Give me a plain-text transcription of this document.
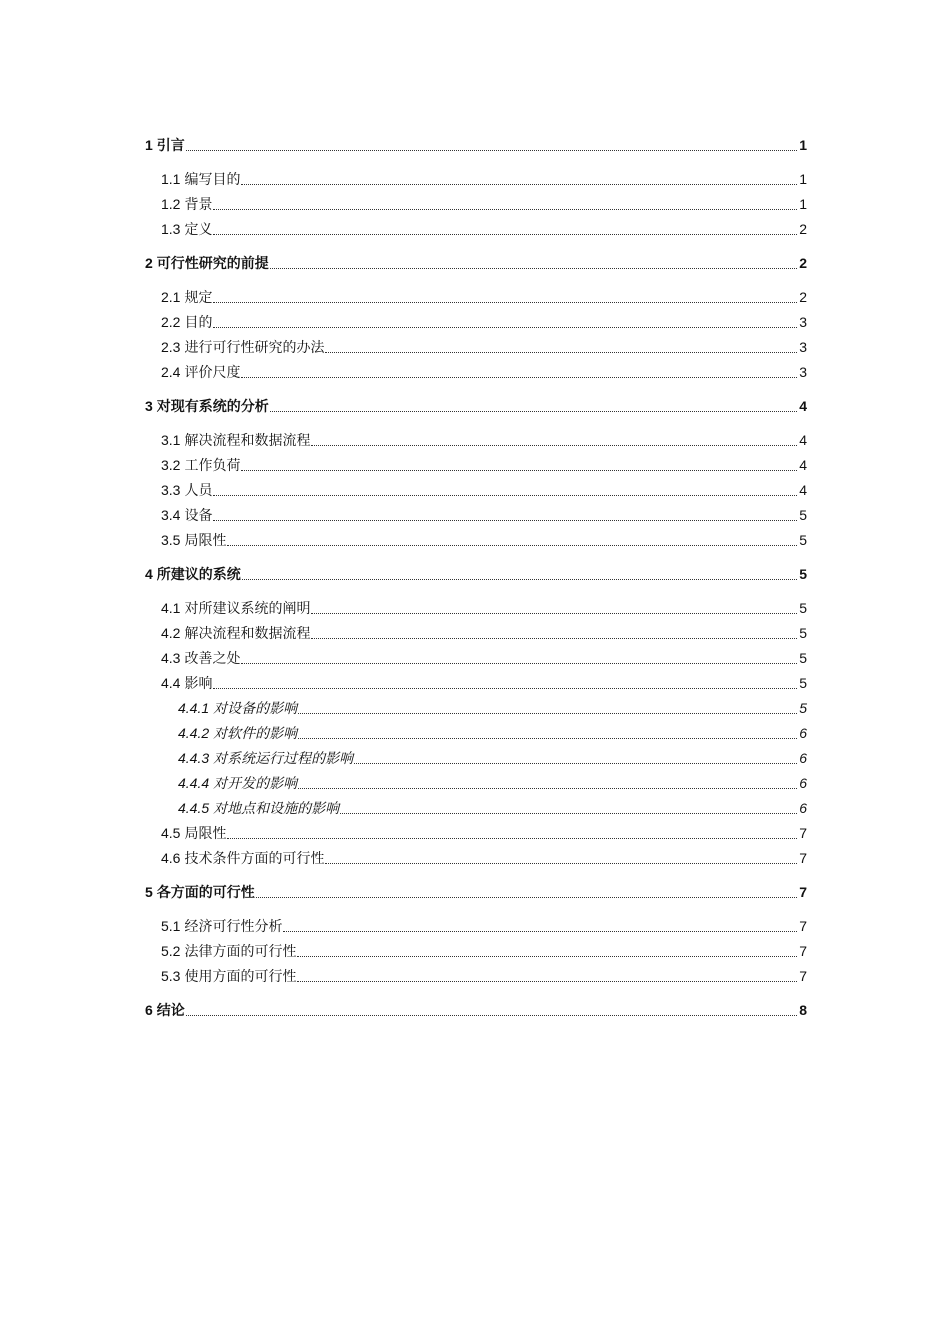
1 引言	1
1.1 编写目的	1
1.2 背景	1
1.3 定义	2
2 可行性研究的前提	2
2.1 规定	2
2.2 目的	3
2.3 进行可行性研究的办法	3
2.4 评价尺度	3
3 对现有系统的分析	4
3.1 解决流程和数据流程	4
3.2 工作负荷	4
3.3 人员	4
3.4 设备	5
3.5 局限性	5
4 所建议的系统	5
4.1 对所建议系统的阐明	5
4.2 解决流程和数据流程	5
4.3 改善之处	5
4.4 影响	5
4.4.1 对设备的影响	5
4.4.2 对软件的影响	6
4.4.3 对系统运行过程的影响	6
4.4.4 对开发的影响	6
4.4.5 对地点和设施的影响	6
4.5 局限性	7
4.6 技术条件方面的可行性	7
5 各方面的可行性	7
5.1 经济可行性分析	7
5.2 法律方面的可行性	7
5.3 使用方面的可行性	7
6 结论	8
